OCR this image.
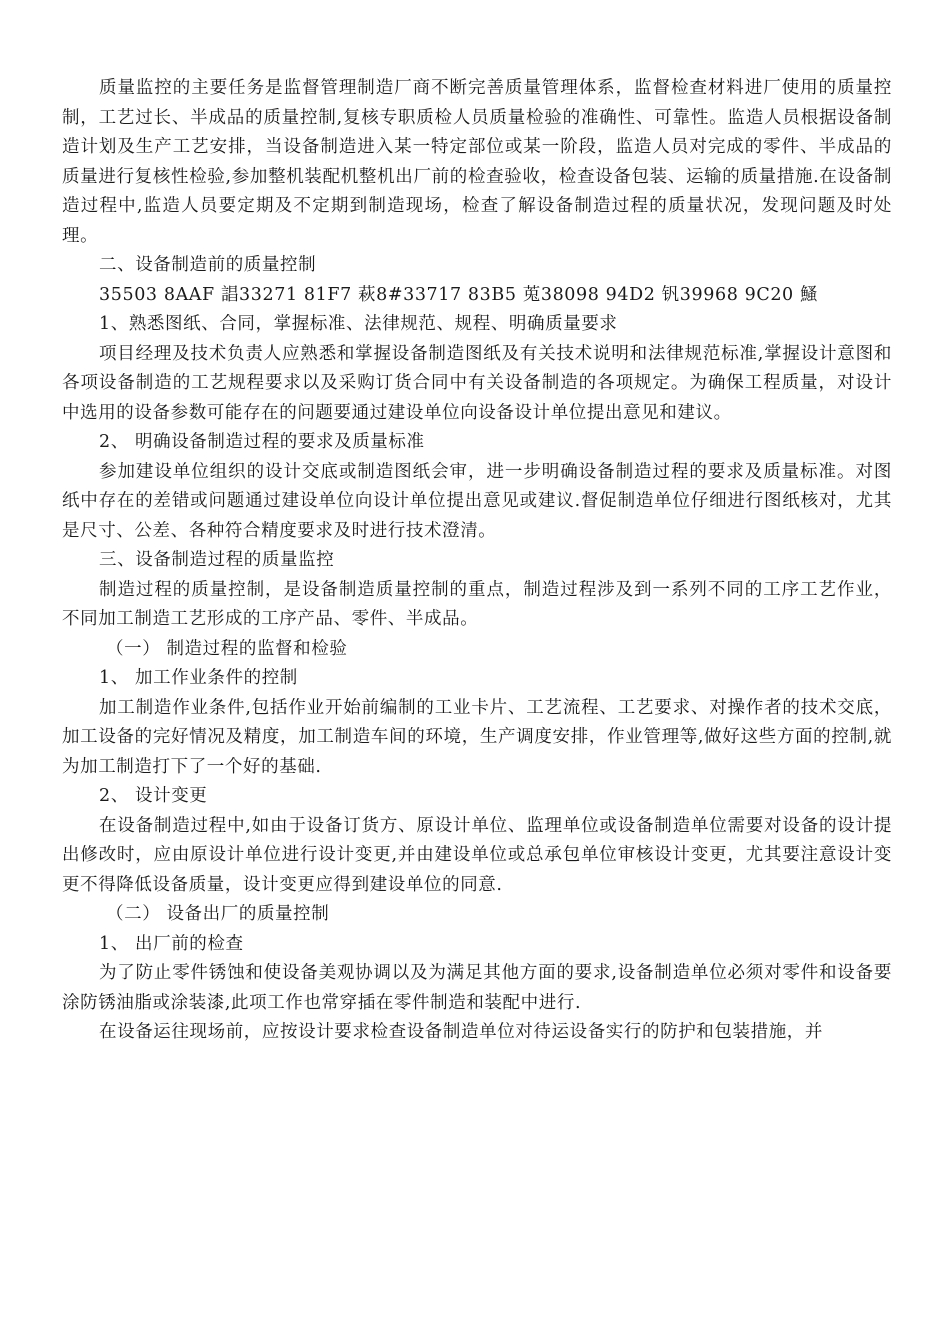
质量监控的主要任务是监督管理制造厂商不断完善质量管理体系，监督检查材料进厂使用的质量控制，工艺过长、半成品的质量控制,复核专职质检人员质量检验的准确性、可靠性。监造人员根据设备制造计划及生产工艺安排，当设备制造进入某一特定部位或某一阶段，监造人员对完成的零件、半成品的质量进行复核性检验,参加整机装配机整机出厂前的检查验收，检查设备包装、运输的质量措施.在设备制造过程中,监造人员要定期及不定期到制造现场，检查了解设备制造过程的质量状况，发现问题及时处理。

二、设备制造前的质量控制

35503 8AAF 誯33271 81F7 萩8#33717 83B5 莵38098 94D2 钒39968 9C20 鰠

1、熟悉图纸、合同，掌握标准、法律规范、规程、明确质量要求

项目经理及技术负责人应熟悉和掌握设备制造图纸及有关技术说明和法律规范标准,掌握设计意图和各项设备制造的工艺规程要求以及采购订货合同中有关设备制造的各项规定。为确保工程质量，对设计中选用的设备参数可能存在的问题要通过建设单位向设备设计单位提出意见和建议。

2、 明确设备制造过程的要求及质量标准

参加建设单位组织的设计交底或制造图纸会审，进一步明确设备制造过程的要求及质量标准。对图纸中存在的差错或问题通过建设单位向设计单位提出意见或建议.督促制造单位仔细进行图纸核对，尤其是尺寸、公差、各种符合精度要求及时进行技术澄清。

三、设备制造过程的质量监控

制造过程的质量控制，是设备制造质量控制的重点，制造过程涉及到一系列不同的工序工艺作业，不同加工制造工艺形成的工序产品、零件、半成品。

（一） 制造过程的监督和检验

1、 加工作业条件的控制

加工制造作业条件,包括作业开始前编制的工业卡片、工艺流程、工艺要求、对操作者的技术交底，加工设备的完好情况及精度，加工制造车间的环境，生产调度安排，作业管理等,做好这些方面的控制,就为加工制造打下了一个好的基础.

2、 设计变更

在设备制造过程中,如由于设备订货方、原设计单位、监理单位或设备制造单位需要对设备的设计提出修改时，应由原设计单位进行设计变更,并由建设单位或总承包单位审核设计变更，尤其要注意设计变更不得降低设备质量，设计变更应得到建设单位的同意.

（二） 设备出厂的质量控制

1、 出厂前的检查

为了防止零件锈蚀和使设备美观协调以及为满足其他方面的要求,设备制造单位必须对零件和设备要涂防锈油脂或涂装漆,此项工作也常穿插在零件制造和装配中进行.

在设备运往现场前，应按设计要求检查设备制造单位对待运设备实行的防护和包装措施，并
